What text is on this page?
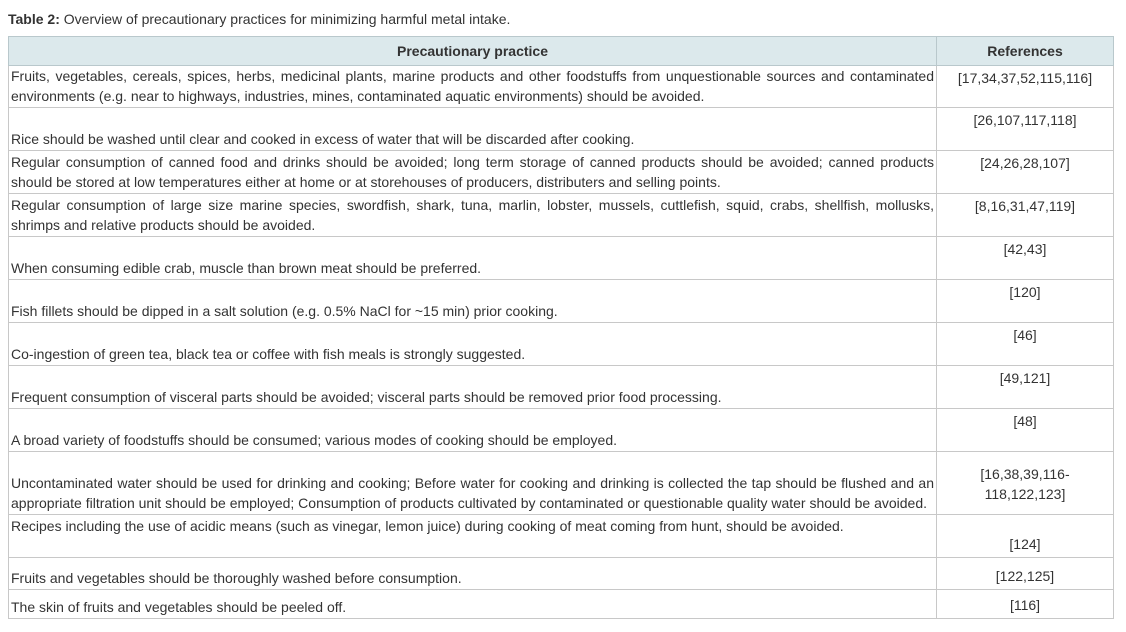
Table 2: Overview of precautionary practices for minimizing harmful metal intake.
Precautionary practice	References
Fruits, vegetables, cereals, spices, herbs, medicinal plants, marine products and other foodstuffs from unquestionable sources and contaminated environments (e.g. near to highways, industries, mines, contaminated aquatic environments) should be avoided.	[17,34,37,52,115,116]
Rice should be washed until clear and cooked in excess of water that will be discarded after cooking.	[26,107,117,118]
Regular consumption of canned food and drinks should be avoided; long term storage of canned products should be avoided; canned products should be stored at low temperatures either at home or at storehouses of producers, distributers and selling points.	[24,26,28,107]
Regular consumption of large size marine species, swordfish, shark, tuna, marlin, lobster, mussels, cuttlefish, squid, crabs, shellfish, mollusks, shrimps and relative products should be avoided.	[8,16,31,47,119]
When consuming edible crab, muscle than brown meat should be preferred.	[42,43]
Fish fillets should be dipped in a salt solution (e.g. 0.5% NaCl for ~15 min) prior cooking.	[120]
Co-ingestion of green tea, black tea or coffee with fish meals is strongly suggested.	[46]
Frequent consumption of visceral parts should be avoided; visceral parts should be removed prior food processing.	[49,121]
A broad variety of foodstuffs should be consumed; various modes of cooking should be employed.	[48]
Uncontaminated water should be used for drinking and cooking; Before water for cooking and drinking is collected the tap should be flushed and an appropriate filtration unit should be employed; Consumption of products cultivated by contaminated or questionable quality water should be avoided.	[16,38,39,116-118,122,123]
Recipes including the use of acidic means (such as vinegar, lemon juice) during cooking of meat coming from hunt, should be avoided.	[124]
Fruits and vegetables should be thoroughly washed before consumption.	[122,125]
The skin of fruits and vegetables should be peeled off.	[116]
